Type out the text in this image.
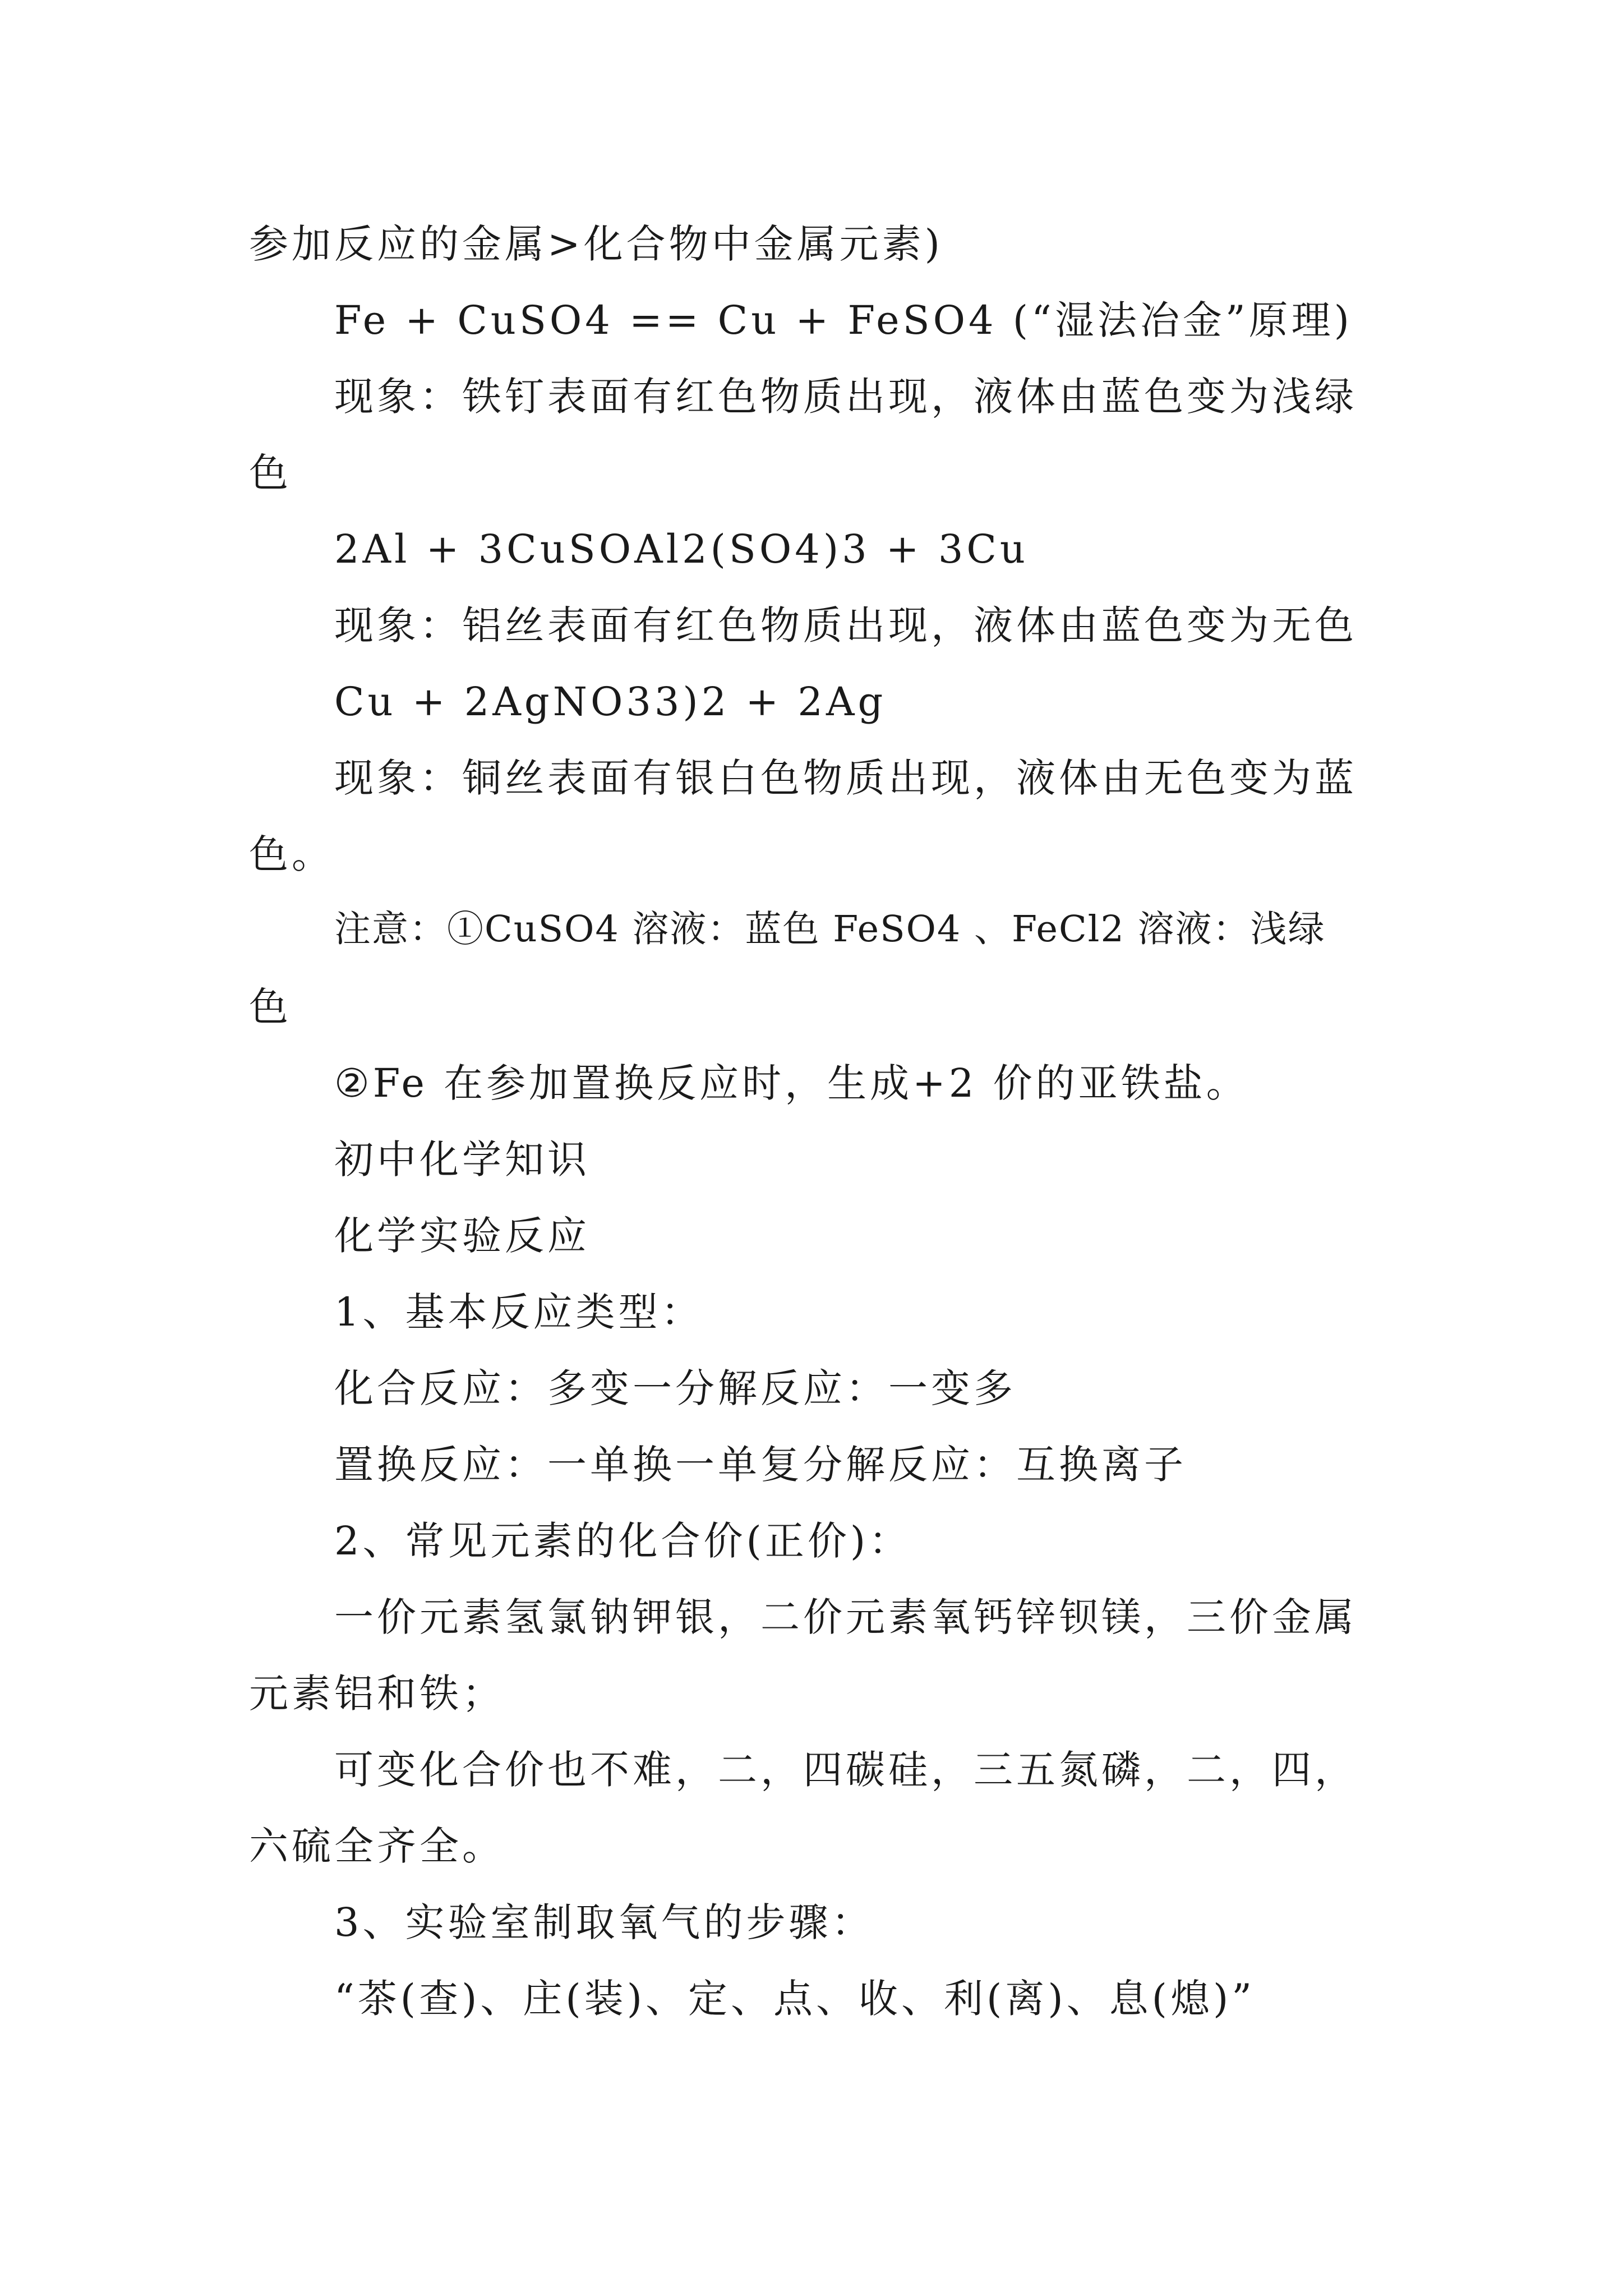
参加反应的金属>化合物中金属元素)
Fe + CuSO4 == Cu + FeSO4 (“湿法冶金”原理)
现象：铁钉表面有红色物质出现，液体由蓝色变为浅绿
色
2Al + 3CuSOAl2(SO4)3 + 3Cu
现象：铝丝表面有红色物质出现，液体由蓝色变为无色
Cu + 2AgNO33)2 + 2Ag
现象：铜丝表面有银白色物质出现，液体由无色变为蓝
色。
注意：①CuSO4 溶液：蓝色 FeSO4 、FeCl2 溶液：浅绿
色
②Fe 在参加置换反应时，生成+2 价的亚铁盐。
初中化学知识
化学实验反应
1、基本反应类型：
化合反应：多变一分解反应：一变多
置换反应：一单换一单复分解反应：互换离子
2、常见元素的化合价(正价)：
一价元素氢氯钠钾银，二价元素氧钙锌钡镁，三价金属
元素铝和铁；
可变化合价也不难，二，四碳硅，三五氮磷，二，四，
六硫全齐全。
3、实验室制取氧气的步骤：
“茶(查)、庄(装)、定、点、收、利(离)、息(熄)”
